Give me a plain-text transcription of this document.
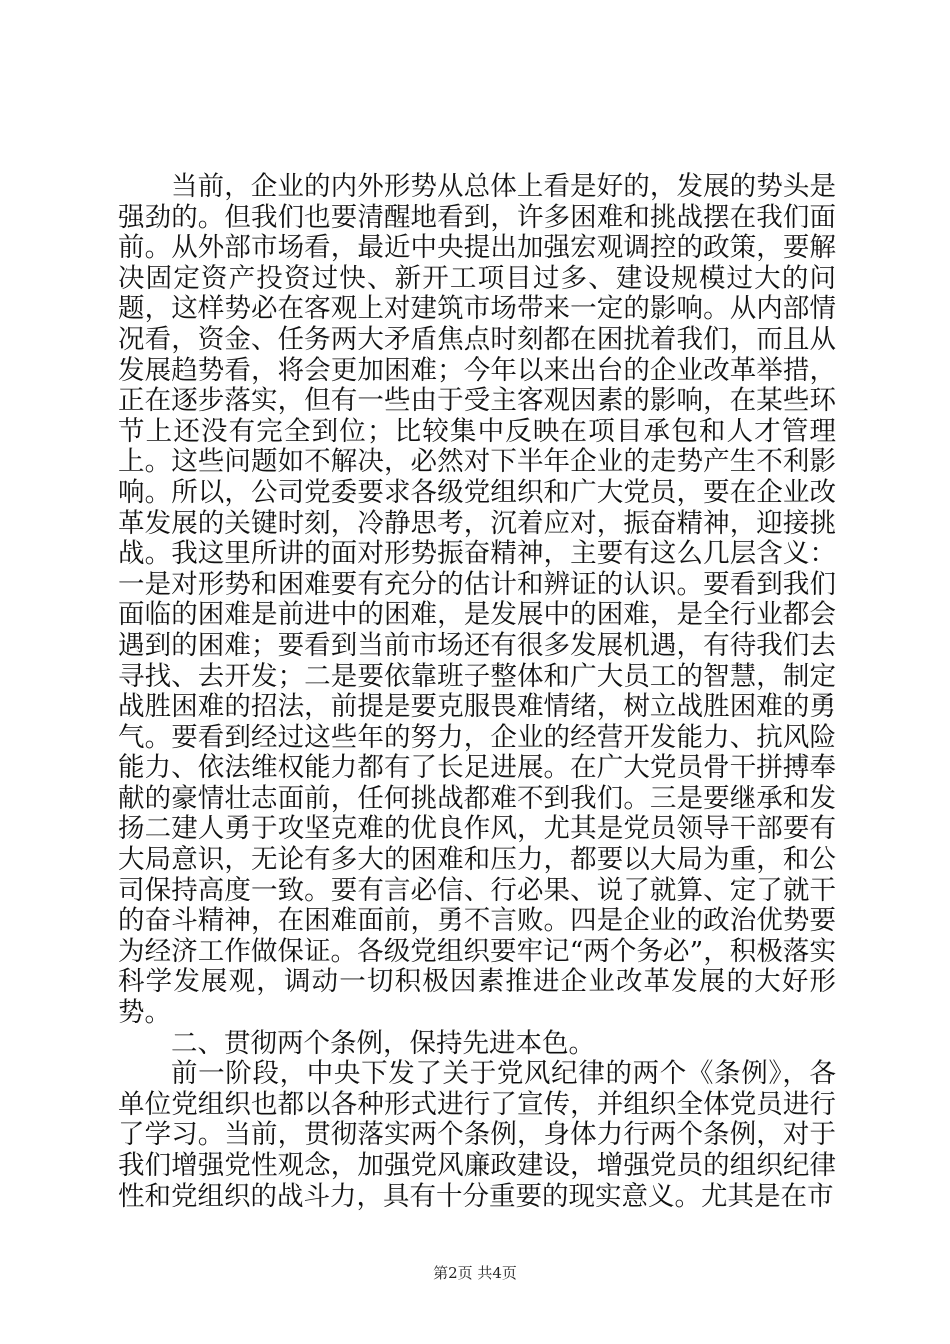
当前，企业的内外形势从总体上看是好的，发展的势头是强劲的。但我们也要清醒地看到，许多困难和挑战摆在我们面前。从外部市场看，最近中央提出加强宏观调控的政策，要解决固定资产投资过快、新开工项目过多、建设规模过大的问题，这样势必在客观上对建筑市场带来一定的影响。从内部情况看，资金、任务两大矛盾焦点时刻都在困扰着我们，而且从发展趋势看，将会更加困难；今年以来出台的企业改革举措，正在逐步落实，但有一些由于受主客观因素的影响，在某些环节上还没有完全到位；比较集中反映在项目承包和人才管理上。这些问题如不解决，必然对下半年企业的走势产生不利影响。所以，公司党委要求各级党组织和广大党员，要在企业改革发展的关键时刻，冷静思考，沉着应对，振奋精神，迎接挑战。我这里所讲的面对形势振奋精神，主要有这么几层含义：一是对形势和困难要有充分的估计和辨证的认识。要看到我们面临的困难是前进中的困难，是发展中的困难，是全行业都会遇到的困难；要看到当前市场还有很多发展机遇，有待我们去寻找、去开发；二是要依靠班子整体和广大员工的智慧，制定战胜困难的招法，前提是要克服畏难情绪，树立战胜困难的勇气。要看到经过这些年的努力，企业的经营开发能力、抗风险能力、依法维权能力都有了长足进展。在广大党员骨干拼搏奉献的豪情壮志面前，任何挑战都难不到我们。三是要继承和发扬二建人勇于攻坚克难的优良作风，尤其是党员领导干部要有大局意识，无论有多大的困难和压力，都要以大局为重，和公司保持高度一致。要有言必信、行必果、说了就算、定了就干的奋斗精神，在困难面前，勇不言败。四是企业的政治优势要为经济工作做保证。各级党组织要牢记“两个务必”，积极落实科学发展观，调动一切积极因素推进企业改革发展的大好形势。

二、贯彻两个条例，保持先进本色。

前一阶段，中央下发了关于党风纪律的两个《条例》，各单位党组织也都以各种形式进行了宣传，并组织全体党员进行了学习。当前，贯彻落实两个条例，身体力行两个条例，对于我们增强党性观念，加强党风廉政建设，增强党员的组织纪律性和党组织的战斗力，具有十分重要的现实意义。尤其是在市

第2页 共4页
